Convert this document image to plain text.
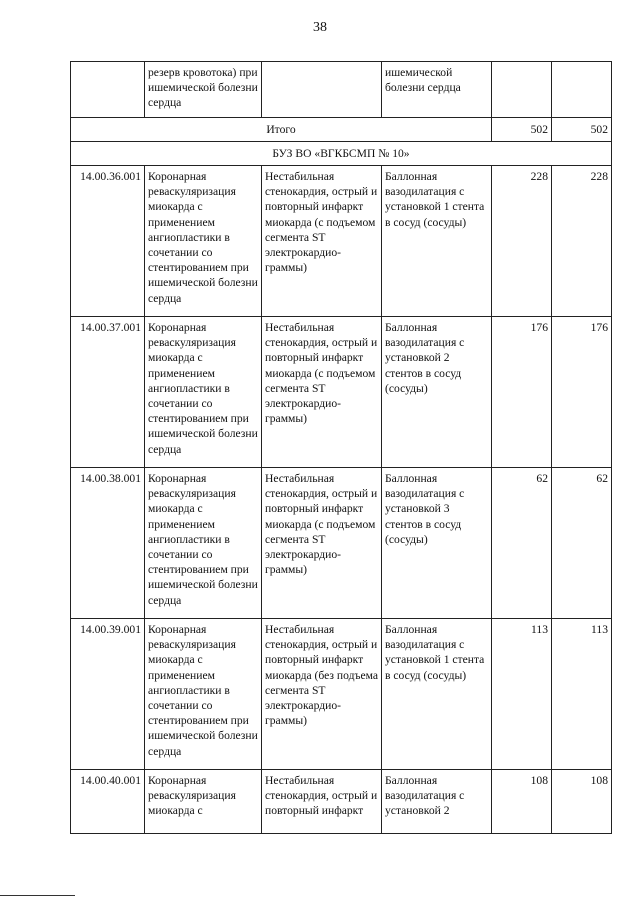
38
	резерв кровотока) при ишемической болезни сердца		ишемической болезни сердца		
Итого				502	502
БУЗ ВО «ВГКБСМП № 10»					
14.00.36.001	Коронарная реваскуляризация миокарда с применением ангиопластики в сочетании со стентированием при ишемической болезни сердца	Нестабильная стенокардия, острый и повторный инфаркт миокарда (с подъемом сегмента ST электрокардио-граммы)	Баллонная вазодилатация с установкой 1 стента в сосуд (сосуды)	228	228
14.00.37.001	Коронарная реваскуляризация миокарда с применением ангиопластики в сочетании со стентированием при ишемической болезни сердца	Нестабильная стенокардия, острый и повторный инфаркт миокарда (с подъемом сегмента ST электрокардио-граммы)	Баллонная вазодилатация с установкой 2 стентов в сосуд (сосуды)	176	176
14.00.38.001	Коронарная реваскуляризация миокарда с применением ангиопластики в сочетании со стентированием при ишемической болезни сердца	Нестабильная стенокардия, острый и повторный инфаркт миокарда (с подъемом сегмента ST электрокардио-граммы)	Баллонная вазодилатация с установкой 3 стентов в сосуд (сосуды)	62	62
14.00.39.001	Коронарная реваскуляризация миокарда с применением ангиопластики в сочетании со стентированием при ишемической болезни сердца	Нестабильная стенокардия, острый и повторный инфаркт миокарда (без подъема сегмента ST электрокардио-граммы)	Баллонная вазодилатация с установкой 1 стента в сосуд (сосуды)	113	113
14.00.40.001	Коронарная реваскуляризация миокарда с	Нестабильная стенокардия, острый и повторный инфаркт	Баллонная вазодилатация с установкой 2	108	108
